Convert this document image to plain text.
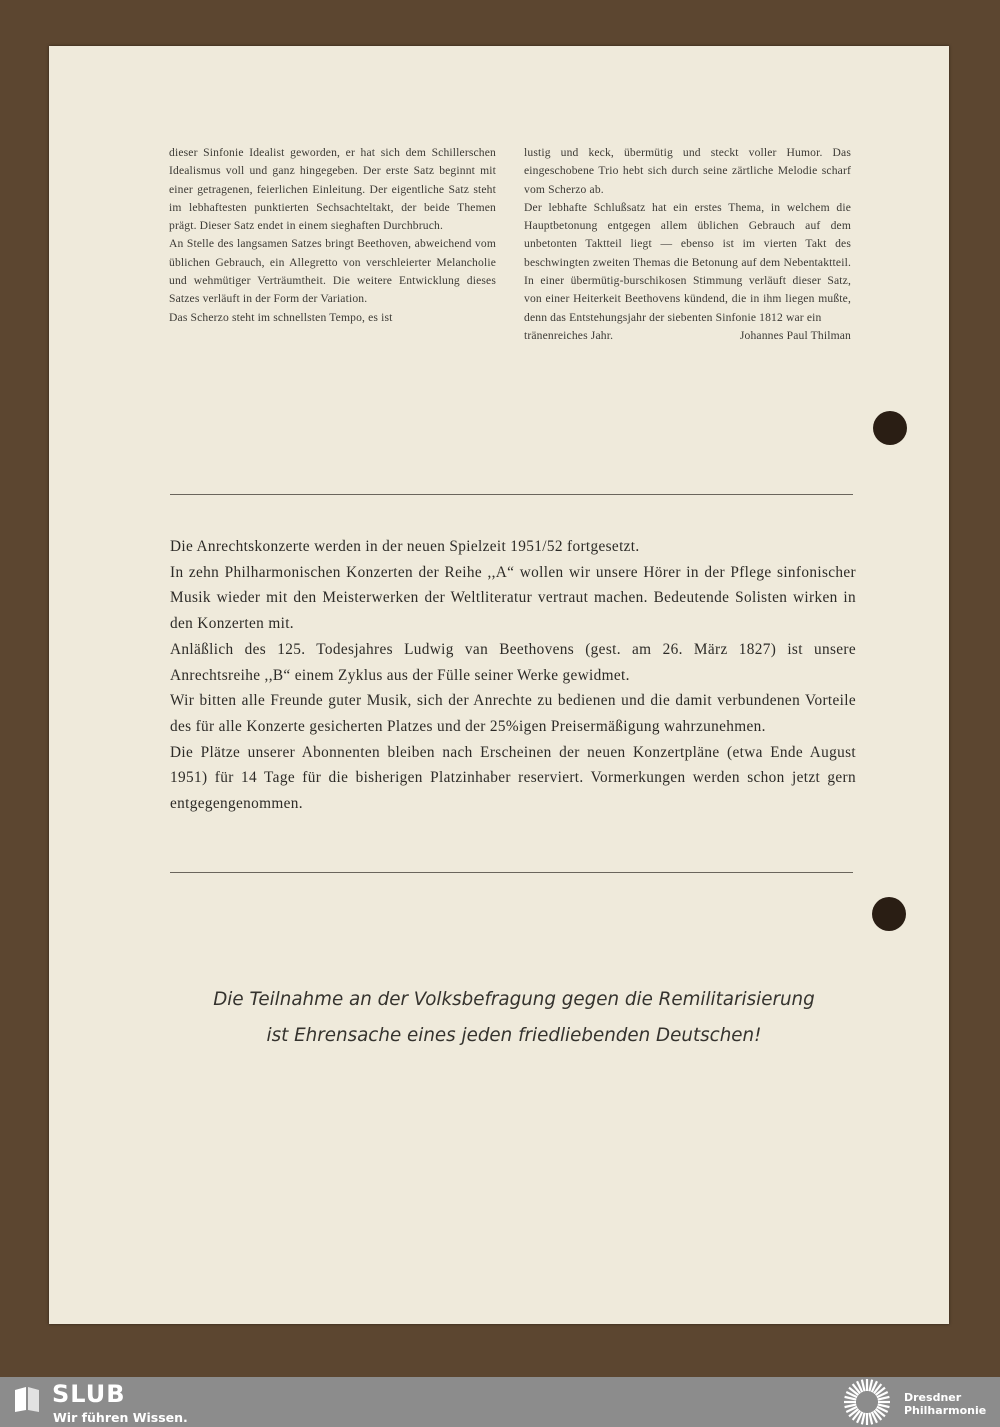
dieser Sinfonie Idealist geworden, er hat sich dem Schillerschen Idealismus voll und ganz hingegeben. Der erste Satz beginnt mit einer getragenen, feierlichen Einleitung. Der eigentliche Satz steht im lebhaftesten punktierten Sechsachteltakt, der beide Themen prägt. Dieser Satz endet in einem sieghaften Durchbruch.

An Stelle des langsamen Satzes bringt Beethoven, abweichend vom üblichen Gebrauch, ein Allegretto von verschleierter Melancholie und wehmütiger Verträumtheit. Die weitere Entwicklung dieses Satzes verläuft in der Form der Variation.

Das Scherzo steht im schnellsten Tempo, es ist

lustig und keck, übermütig und steckt voller Humor. Das eingeschobene Trio hebt sich durch seine zärtliche Melodie scharf vom Scherzo ab.

Der lebhafte Schlußsatz hat ein erstes Thema, in welchem die Hauptbetonung entgegen allem üblichen Gebrauch auf dem unbetonten Taktteil liegt — ebenso ist im vierten Takt des beschwingten zweiten Themas die Betonung auf dem Nebentaktteil. In einer übermütig-burschikosen Stimmung verläuft dieser Satz, von einer Heiterkeit Beethovens kündend, die in ihm liegen mußte, denn das Entstehungsjahr der siebenten Sinfonie 1812 war ein

tränenreiches Jahr.	Johannes Paul Thilman

Die Anrechtskonzerte werden in der neuen Spielzeit 1951/52 fortgesetzt.

In zehn Philharmonischen Konzerten der Reihe ,,A“ wollen wir unsere Hörer in der Pflege sinfonischer Musik wieder mit den Meisterwerken der Weltliteratur vertraut machen. Bedeutende Solisten wirken in den Konzerten mit.

Anläßlich des 125. Todesjahres Ludwig van Beethovens (gest. am 26. März 1827) ist unsere Anrechtsreihe ,,B“ einem Zyklus aus der Fülle seiner Werke gewidmet.

Wir bitten alle Freunde guter Musik, sich der Anrechte zu bedienen und die damit verbundenen Vorteile des für alle Konzerte gesicherten Platzes und der 25%igen Preisermäßigung wahrzunehmen.

Die Plätze unserer Abonnenten bleiben nach Erscheinen der neuen Konzertpläne (etwa Ende August 1951) für 14 Tage für die bisherigen Platzinhaber reserviert. Vormerkungen werden schon jetzt gern entgegengenommen.

Die Teilnahme an der Volksbefragung gegen die Remilitarisierung
ist Ehrensache eines jeden friedliebenden Deutschen!
SLUB
Wir führen Wissen.
Dresdner
Philharmonie
